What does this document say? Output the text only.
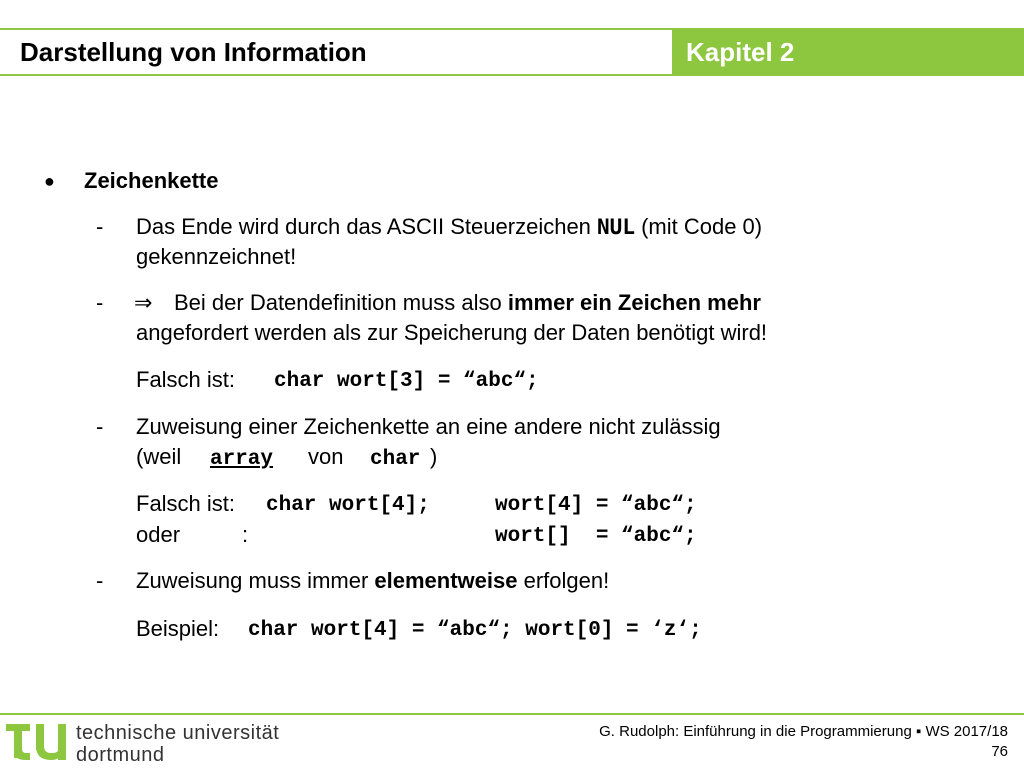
Darstellung von Information	Kapitel 2
● Zeichenkette
- Das Ende wird durch das ASCII Steuerzeichen NUL (mit Code 0)
gekennzeichnet!
- ⇒ Bei der Datendefinition muss also immer ein Zeichen mehr
angefordert werden als zur Speicherung der Daten benötigt wird!
Falsch ist: char wort[3] = “abc“;
- Zuweisung einer Zeichenkette an eine andere nicht zulässig
(weil array von char )
Falsch ist: char wort[4];	wort[4] = “abc“;
oder	:	wort[]  = “abc“;
- Zuweisung muss immer elementweise erfolgen!
Beispiel: char wort[4] = “abc“; wort[0] = ‘z‘;
technische universität
dortmund
G. Rudolph: Einführung in die Programmierung ▪ WS 2017/18
76
